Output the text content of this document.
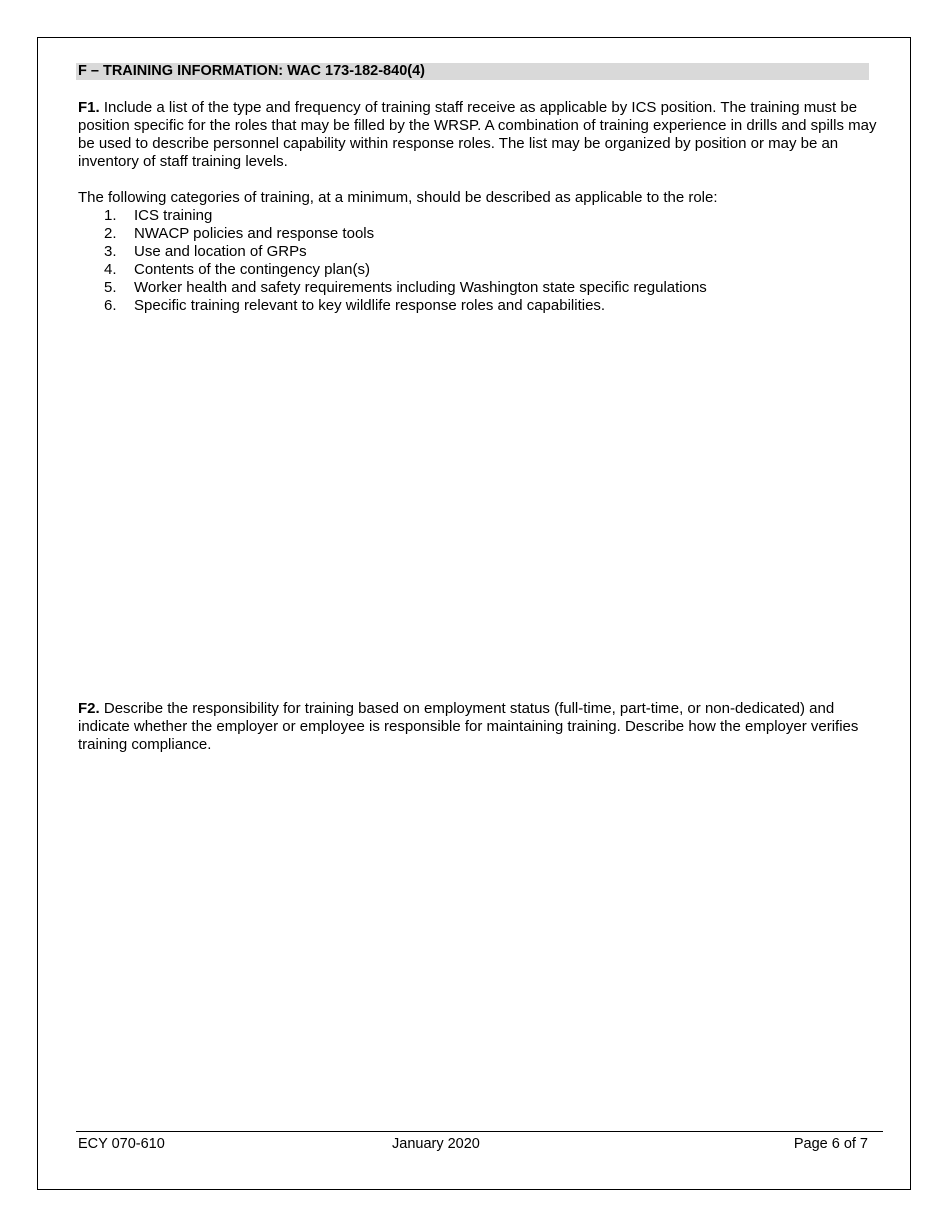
F – TRAINING INFORMATION: WAC 173-182-840(4)

F1. Include a list of the type and frequency of training staff receive as applicable by ICS position. The training must be position specific for the roles that may be filled by the WRSP. A combination of training experience in drills and spills may be used to describe personnel capability within response roles. The list may be organized by position or may be an inventory of staff training levels.

The following categories of training, at a minimum, should be described as applicable to the role:

1.	ICS training
2.	NWACP policies and response tools
3.	Use and location of GRPs
4.	Contents of the contingency plan(s)
5.	Worker health and safety requirements including Washington state specific regulations
6.	Specific training relevant to key wildlife response roles and capabilities.

F2. Describe the responsibility for training based on employment status (full-time, part-time, or non-dedicated) and indicate whether the employer or employee is responsible for maintaining training. Describe how the employer verifies training compliance.

ECY 070-610	January 2020	Page 6 of 7
